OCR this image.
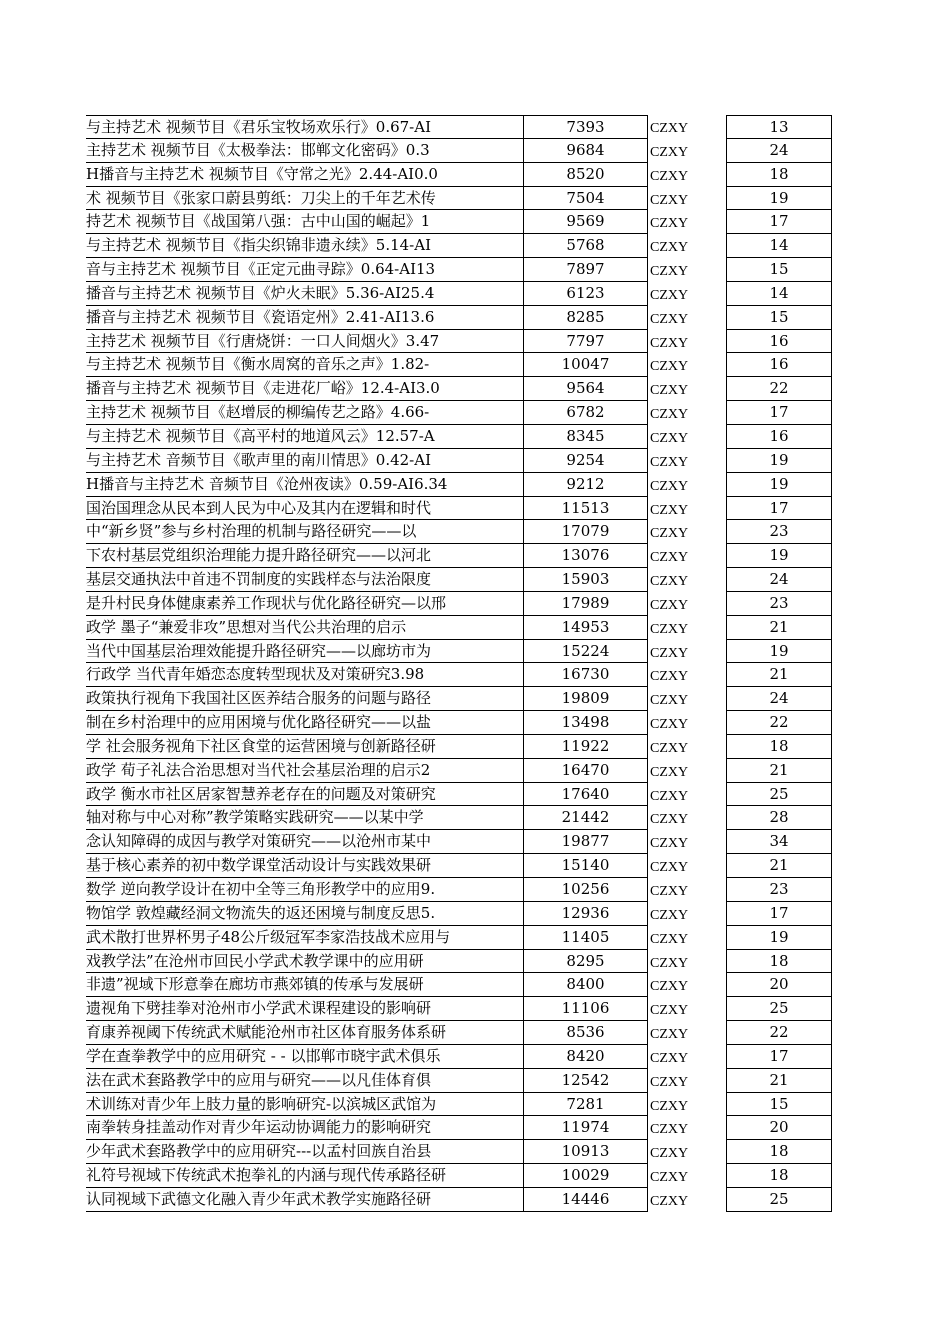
与主持艺术 视频节目《君乐宝牧场欢乐行》0.67-AI	7393	CZXY	13
主持艺术 视频节目《太极拳法：邯郸文化密码》0.3	9684	CZXY	24
H播音与主持艺术 视频节目《守常之光》2.44-AI0.0	8520	CZXY	18
术 视频节目《张家口蔚县剪纸：刀尖上的千年艺术传	7504	CZXY	19
持艺术 视频节目《战国第八强：古中山国的崛起》1	9569	CZXY	17
与主持艺术 视频节目《指尖织锦非遗永续》5.14-AI	5768	CZXY	14
音与主持艺术 视频节目《正定元曲寻踪》0.64-AI13	7897	CZXY	15
播音与主持艺术 视频节目《炉火未眠》5.36-AI25.4	6123	CZXY	14
播音与主持艺术 视频节目《瓷语定州》2.41-AI13.6	8285	CZXY	15
主持艺术 视频节目《行唐烧饼：一口人间烟火》3.47	7797	CZXY	16
与主持艺术 视频节目《衡水周窝的音乐之声》1.82-	10047	CZXY	16
播音与主持艺术 视频节目《走进花厂峪》12.4-AI3.0	9564	CZXY	22
主持艺术 视频节目《赵增辰的柳编传艺之路》4.66-	6782	CZXY	17
与主持艺术 视频节目《高平村的地道风云》12.57-A	8345	CZXY	16
与主持艺术 音频节目《歌声里的南川情思》0.42-AI	9254	CZXY	19
H播音与主持艺术 音频节目《沧州夜读》0.59-AI6.34	9212	CZXY	19
国治国理念从民本到人民为中心及其内在逻辑和时代	11513	CZXY	17
中“新乡贤”参与乡村治理的机制与路径研究——以	17079	CZXY	23
下农村基层党组织治理能力提升路径研究——以河北	13076	CZXY	19
基层交通执法中首违不罚制度的实践样态与法治限度	15903	CZXY	24
是升村民身体健康素养工作现状与优化路径研究—以邢	17989	CZXY	23
政学 墨子“兼爱非攻”思想对当代公共治理的启示	14953	CZXY	21
当代中国基层治理效能提升路径研究——以廊坊市为	15224	CZXY	19
行政学 当代青年婚恋态度转型现状及对策研究3.98	16730	CZXY	21
政策执行视角下我国社区医养结合服务的问题与路径	19809	CZXY	24
制在乡村治理中的应用困境与优化路径研究——以盐	13498	CZXY	22
学 社会服务视角下社区食堂的运营困境与创新路径研	11922	CZXY	18
政学 荀子礼法合治思想对当代社会基层治理的启示2	16470	CZXY	21
政学 衡水市社区居家智慧养老存在的问题及对策研究	17640	CZXY	25
轴对称与中心对称”教学策略实践研究——以某中学	21442	CZXY	28
念认知障碍的成因与教学对策研究——以沧州市某中	19877	CZXY	34
基于核心素养的初中数学课堂活动设计与实践效果研	15140	CZXY	21
数学 逆向教学设计在初中全等三角形教学中的应用9.	10256	CZXY	23
物馆学 敦煌藏经洞文物流失的返还困境与制度反思5.	12936	CZXY	17
武术散打世界杯男子48公斤级冠军李家浩技战术应用与	11405	CZXY	19
戏教学法”在沧州市回民小学武术教学课中的应用研	8295	CZXY	18
非遗”视域下形意拳在廊坊市燕郊镇的传承与发展研	8400	CZXY	20
遗视角下劈挂拳对沧州市小学武术课程建设的影响研	11106	CZXY	25
育康养视阈下传统武术赋能沧州市社区体育服务体系研	8536	CZXY	22
学在查拳教学中的应用研究 - - 以邯郸市晓宇武术俱乐	8420	CZXY	17
法在武术套路教学中的应用与研究——以凡佳体育俱	12542	CZXY	21
术训练对青少年上肢力量的影响研究-以滨城区武馆为	7281	CZXY	15
南拳转身挂盖动作对青少年运动协调能力的影响研究	11974	CZXY	20
少年武术套路教学中的应用研究---以孟村回族自治县	10913	CZXY	18
礼符号视域下传统武术抱拳礼的内涵与现代传承路径研	10029	CZXY	18
认同视域下武德文化融入青少年武术教学实施路径研	14446	CZXY	25
